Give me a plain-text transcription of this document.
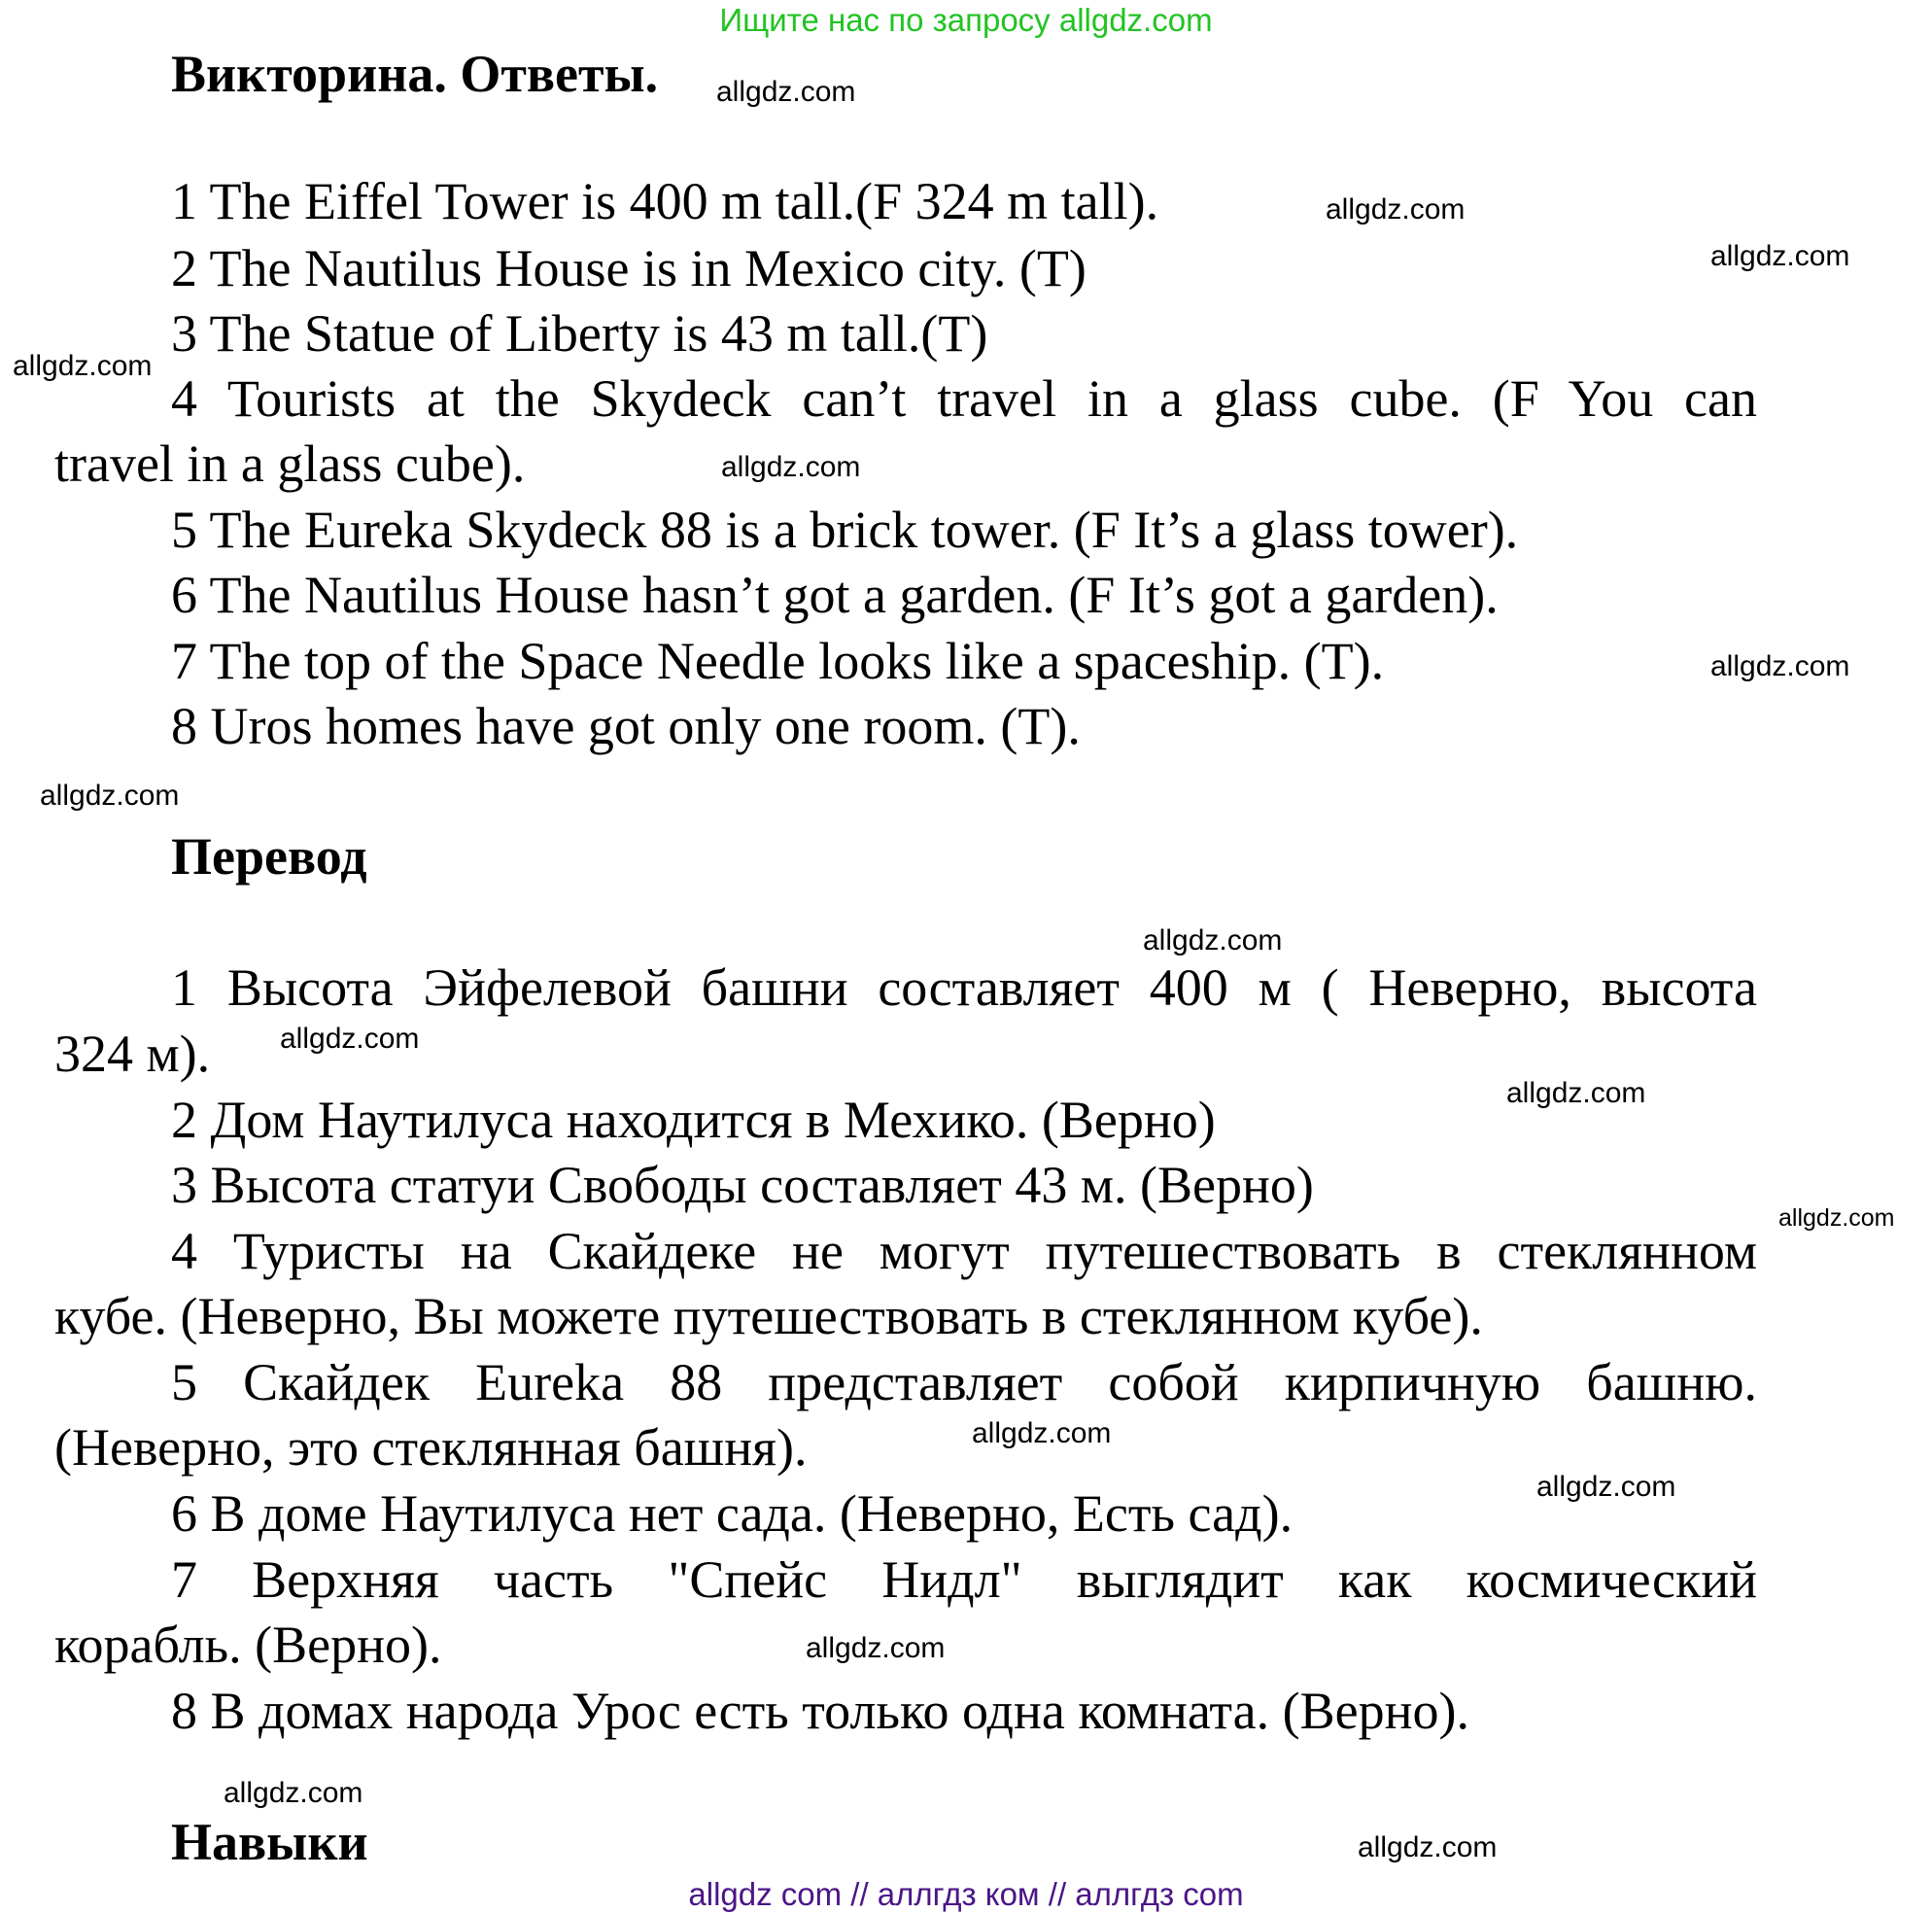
Ищите нас по запросу allgdz.com
Викторина. Ответы.
Перевод
Навыки
1 The Eiffel Tower is 400 m tall.(F 324 m tall).
2 The Nautilus House is in Mexico city. (T)
3 The Statue of Liberty is 43 m tall.(T)
4 Tourists at the Skydeck can’t travel in a glass cube. (F You can
travel in a glass cube).
5 The Eureka Skydeck 88 is a brick tower. (F It’s a glass tower).
6 The Nautilus House hasn’t got a garden. (F It’s got a garden).
7 The top of the Space Needle looks like a spaceship. (T).
8 Uros homes have got only one room. (T).
1 Высота Эйфелевой башни составляет 400 м ( Неверно, высота
324 м).
2 Дом Наутилуса находится в Мехико. (Верно)
3 Высота статуи Свободы составляет 43 м. (Верно)
4 Туристы на Скайдеке не могут путешествовать в стеклянном
кубе. (Неверно, Вы можете путешествовать в стеклянном кубе).
5 Скайдек Eureka 88 представляет собой кирпичную башню.
(Неверно, это стеклянная башня).
6 В доме Наутилуса нет сада. (Неверно, Есть сад).
7 Верхняя часть "Спейс Нидл" выглядит как космический
корабль. (Верно).
8 В домах народа Урос есть только одна комната. (Верно).
allgdz.com
allgdz.com
allgdz.com
allgdz.com
allgdz.com
allgdz.com
allgdz.com
allgdz.com
allgdz.com
allgdz.com
allgdz.com
allgdz.com
allgdz.com
allgdz.com
allgdz.com
allgdz.com
allgdz com // аллгдз ком // аллгдз com
